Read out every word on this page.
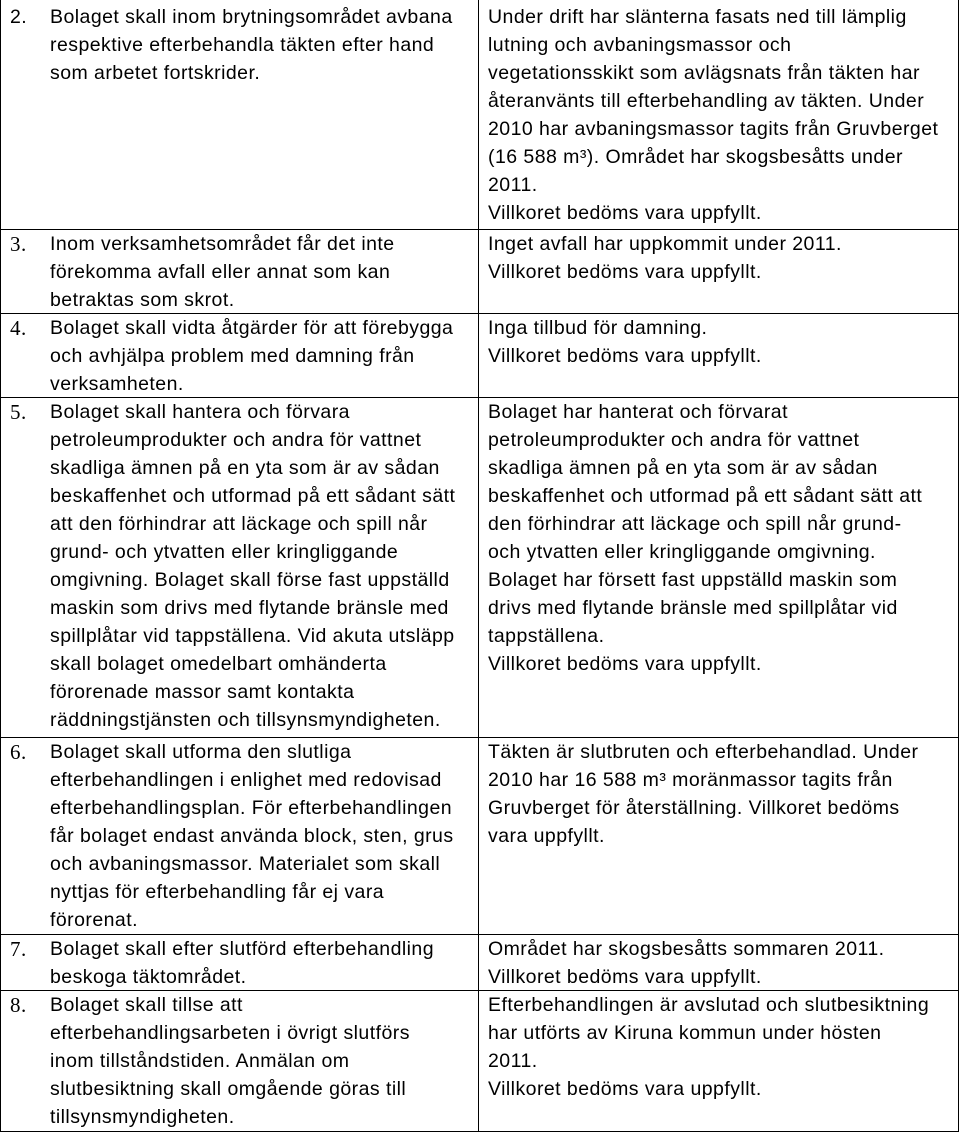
2. Bolaget skall inom brytningsområdet avbana
respektive efterbehandla täkten efter hand
som arbetet fortskrider.
Under drift har slänterna fasats ned till lämplig
lutning och avbaningsmassor och
vegetationsskikt som avlägsnats från täkten har
återanvänts till efterbehandling av täkten. Under
2010 har avbaningsmassor tagits från Gruvberget
(16 588 m³). Området har skogsbesåtts under
2011.
Villkoret bedöms vara uppfyllt.
3. Inom verksamhetsområdet får det inte
förekomma avfall eller annat som kan
betraktas som skrot.
Inget avfall har uppkommit under 2011.
Villkoret bedöms vara uppfyllt.
4. Bolaget skall vidta åtgärder för att förebygga
och avhjälpa problem med damning från
verksamheten.
Inga tillbud för damning.
Villkoret bedöms vara uppfyllt.
5. Bolaget skall hantera och förvara
petroleumprodukter och andra för vattnet
skadliga ämnen på en yta som är av sådan
beskaffenhet och utformad på ett sådant sätt
att den förhindrar att läckage och spill når
grund- och ytvatten eller kringliggande
omgivning. Bolaget skall förse fast uppställd
maskin som drivs med flytande bränsle med
spillplåtar vid tappställena. Vid akuta utsläpp
skall bolaget omedelbart omhänderta
förorenade massor samt kontakta
räddningstjänsten och tillsynsmyndigheten.
Bolaget har hanterat och förvarat
petroleumprodukter och andra för vattnet
skadliga ämnen på en yta som är av sådan
beskaffenhet och utformad på ett sådant sätt att
den förhindrar att läckage och spill når grund-
och ytvatten eller kringliggande omgivning.
Bolaget har försett fast uppställd maskin som
drivs med flytande bränsle med spillplåtar vid
tappställena.
Villkoret bedöms vara uppfyllt.
6. Bolaget skall utforma den slutliga
efterbehandlingen i enlighet med redovisad
efterbehandlingsplan. För efterbehandlingen
får bolaget endast använda block, sten, grus
och avbaningsmassor. Materialet som skall
nyttjas för efterbehandling får ej vara
förorenat.
Täkten är slutbruten och efterbehandlad. Under
2010 har 16 588 m³ moränmassor tagits från
Gruvberget för återställning. Villkoret bedöms
vara uppfyllt.
7. Bolaget skall efter slutförd efterbehandling
beskoga täktområdet.
Området har skogsbesåtts sommaren 2011.
Villkoret bedöms vara uppfyllt.
8. Bolaget skall tillse att
efterbehandlingsarbeten i övrigt slutförs
inom tillståndstiden. Anmälan om
slutbesiktning skall omgående göras till
tillsynsmyndigheten.
Efterbehandlingen är avslutad och slutbesiktning
har utförts av Kiruna kommun under hösten
2011.
Villkoret bedöms vara uppfyllt.
